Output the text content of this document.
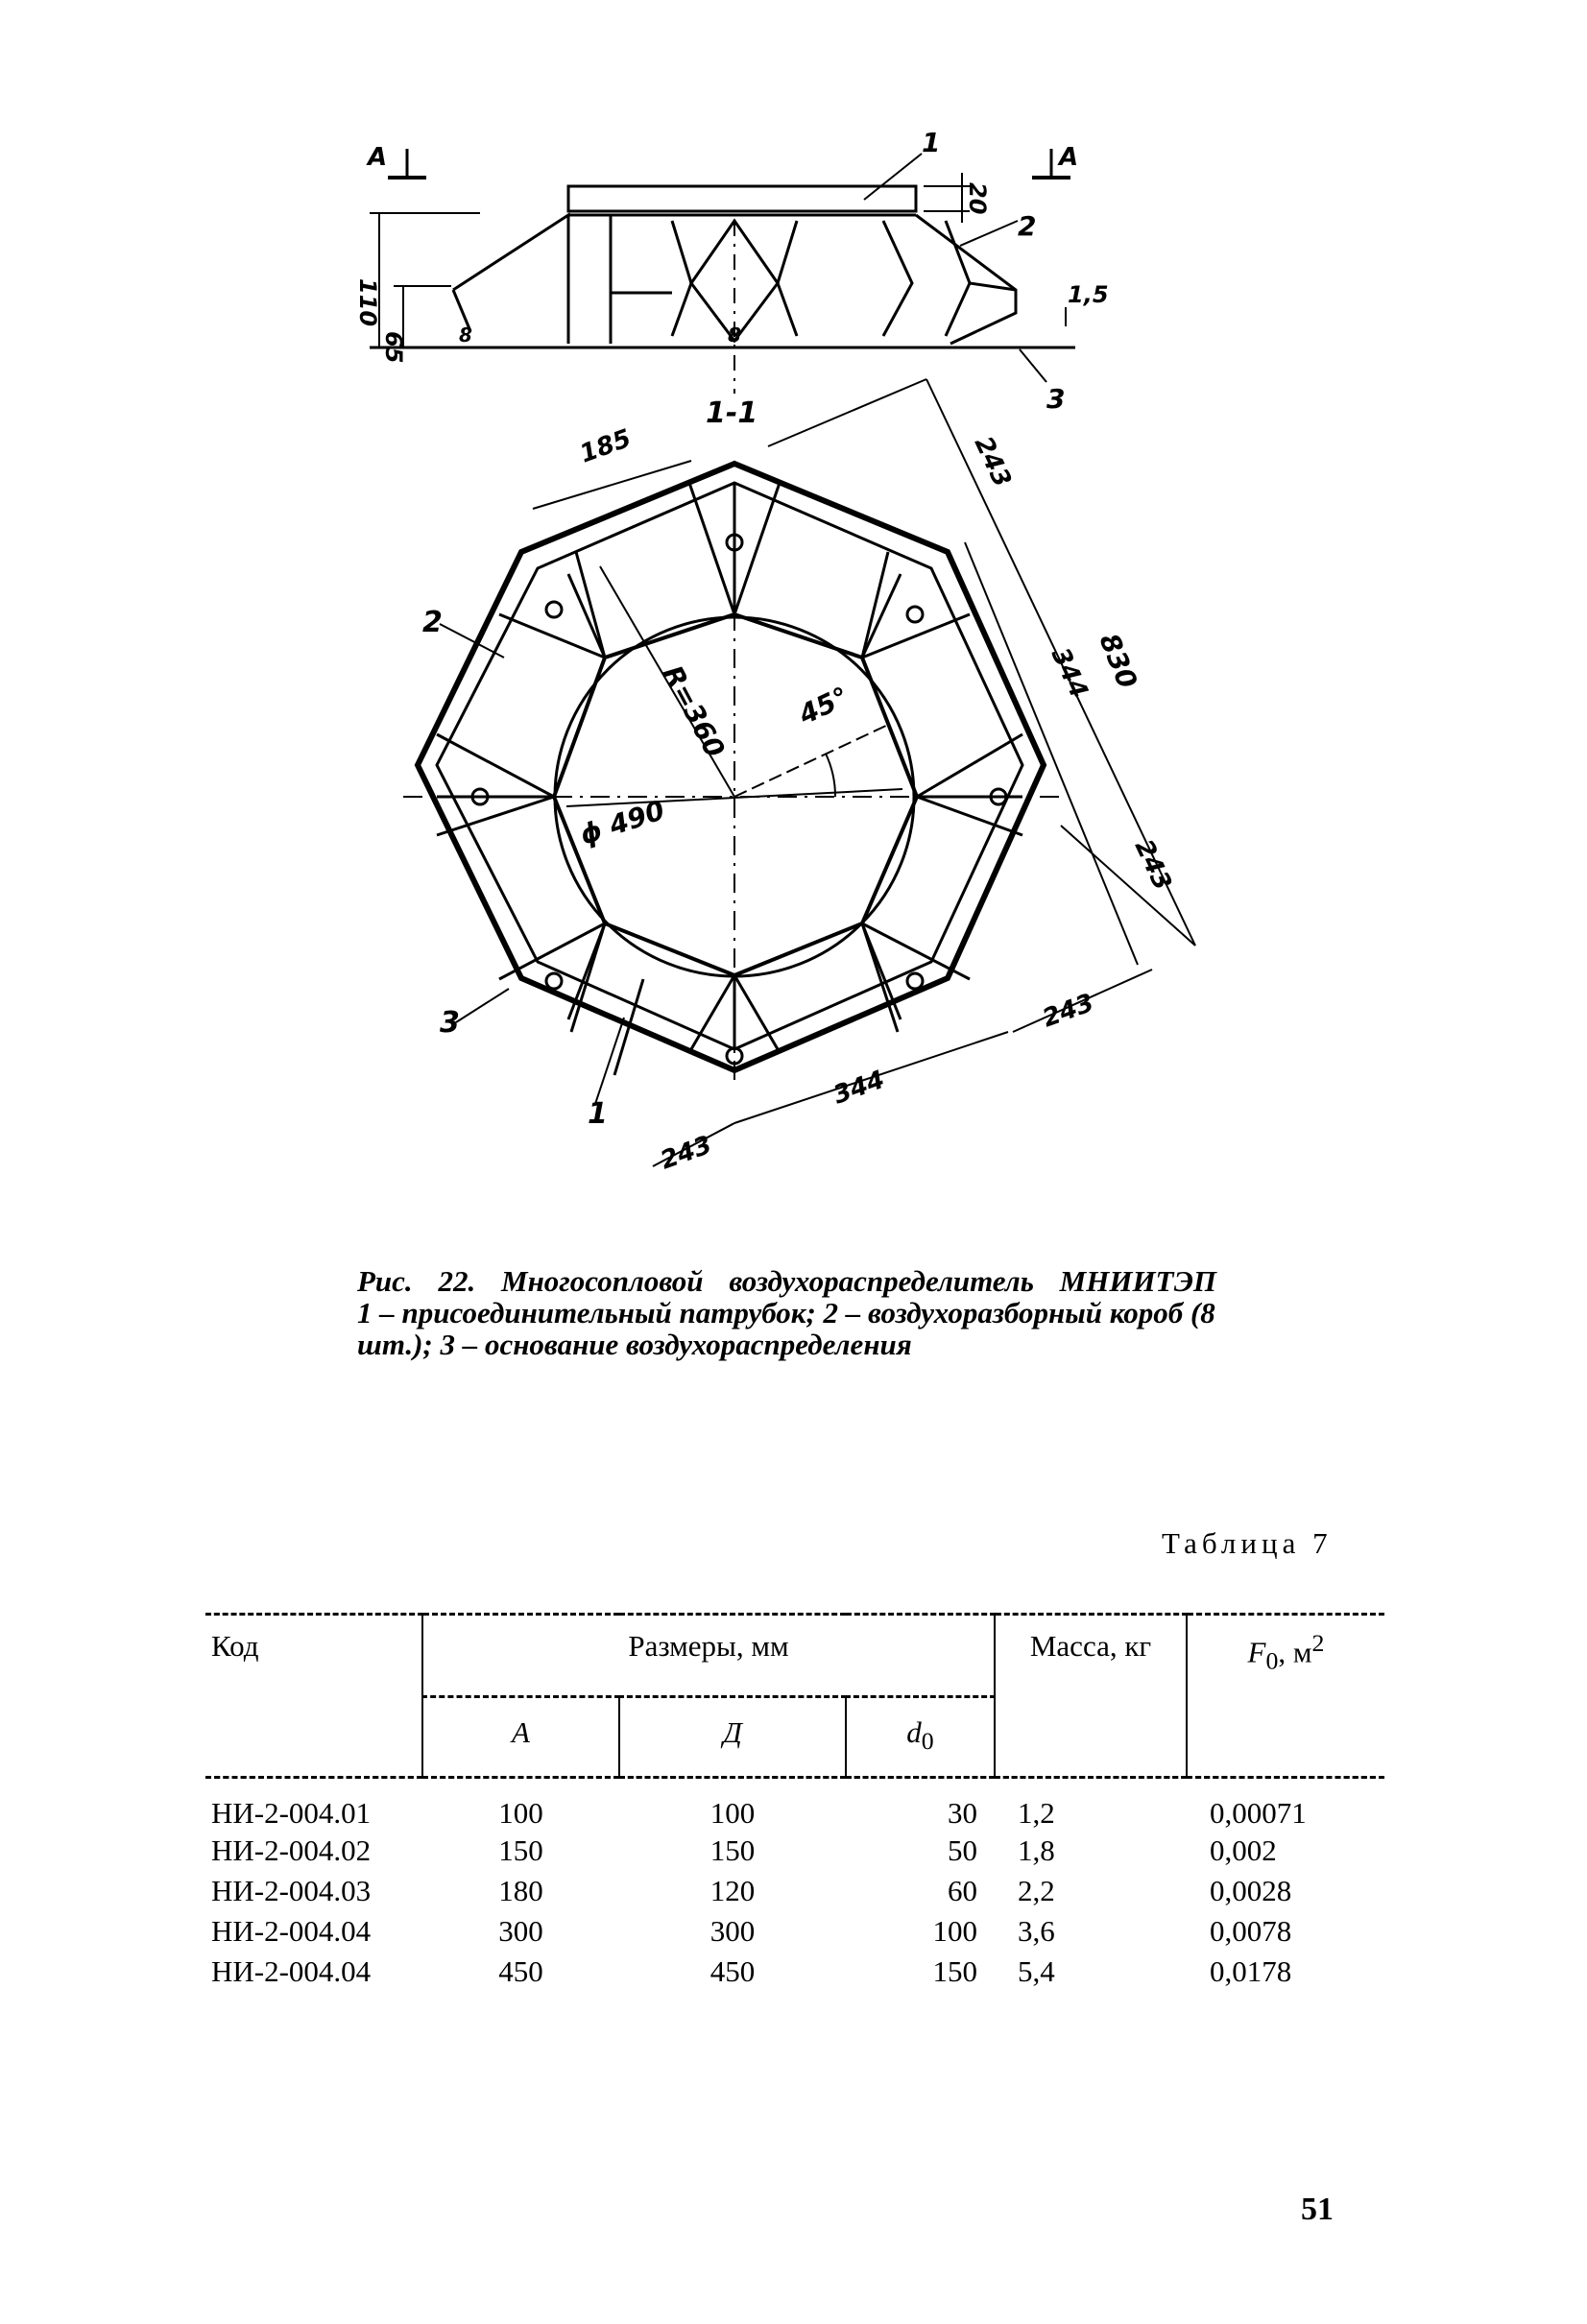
A	A
1
2
3
110
65
20
1,5
8	8
1-1
185
R=360
ϕ 490
45°
243
344 830
243
243
344
243
2
3
1

Рис. 22. Многосопловой воздухораспределитель МНИИТЭП

1 – присоединительный патрубок; 2 – воздухоразборный короб (8 шт.); 3 – основание воздухораспределения

Таблица 7
Код	Размеры, мм			Масса, кг	$F_0$, $м^2$
	А	Д	$d_0$

НИ-2-004.01	100	100	30	1,2	0,00071
НИ-2-004.02	150	150	50	1,8	0,002
НИ-2-004.03	180	120	60	2,2	0,0028
НИ-2-004.04	300	300	100	3,6	0,0078
НИ-2-004.04	450	450	150	5,4	0,0178
51
